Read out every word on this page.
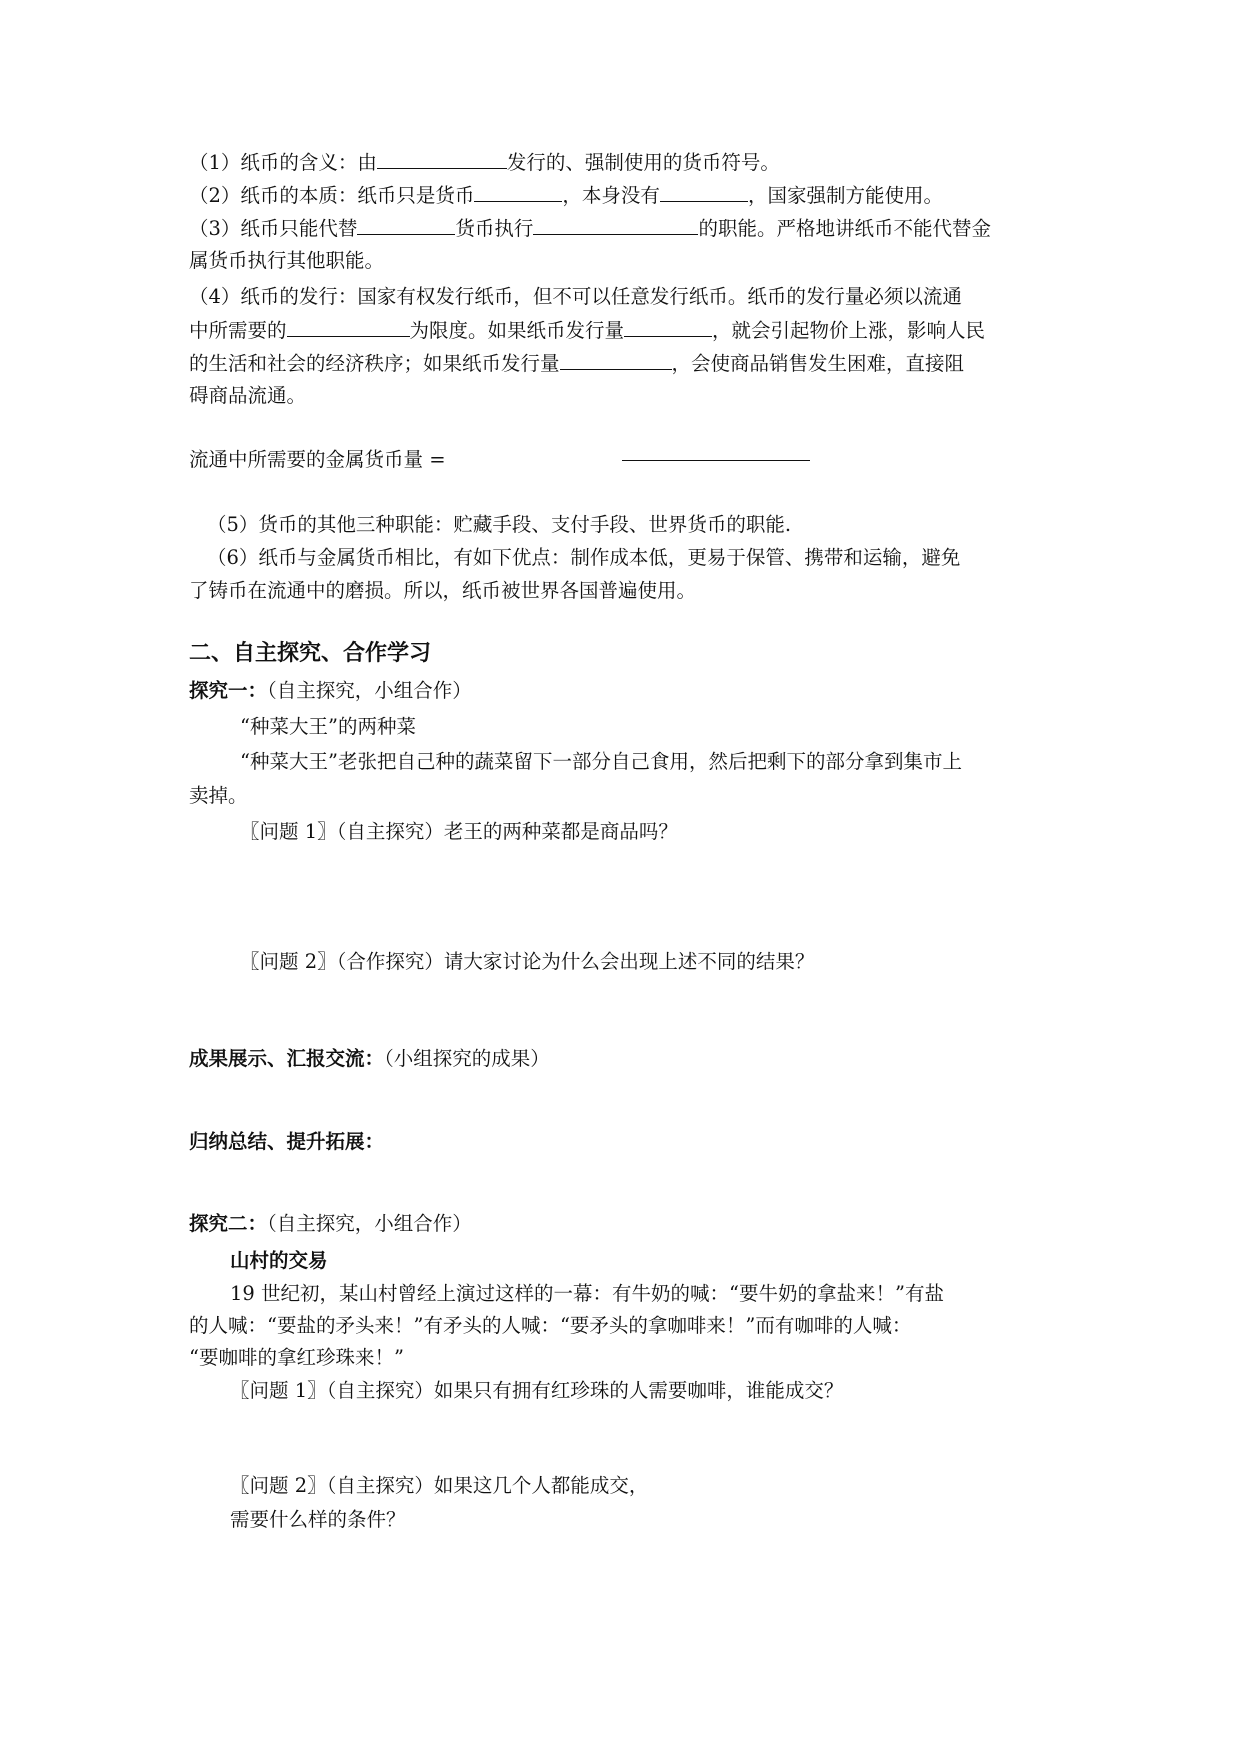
（1）纸币的含义：由	发行的、强制使用的货币符号。
（2）纸币的本质：纸币只是货币	，本身没有	，国家强制方能使用。
（3）纸币只能代替	货币执行	的职能。严格地讲纸币不能代替金
属货币执行其他职能。
（4）纸币的发行：国家有权发行纸币，但不可以任意发行纸币。纸币的发行量必须以流通
中所需要的	为限度。如果纸币发行量	，就会引起物价上涨，影响人民
的生活和社会的经济秩序；如果纸币发行量	，会使商品销售发生困难，直接阻
碍商品流通。
流通中所需要的金属货币量 =
（5）货币的其他三种职能：贮藏手段、支付手段、世界货币的职能.
（6）纸币与金属货币相比，有如下优点：制作成本低，更易于保管、携带和运输，避免
了铸币在流通中的磨损。所以，纸币被世界各国普遍使用。
二、自主探究、合作学习
探究一：（自主探究，小组合作）
“种菜大王”的两种菜
“种菜大王”老张把自己种的蔬菜留下一部分自己食用，然后把剩下的部分拿到集市上
卖掉。
〖问题 1〗（自主探究）老王的两种菜都是商品吗？
〖问题 2〗（合作探究）请大家讨论为什么会出现上述不同的结果？
成果展示、汇报交流：（小组探究的成果）
归纳总结、提升拓展：
探究二：（自主探究，小组合作）
山村的交易
19 世纪初，某山村曾经上演过这样的一幕：有牛奶的喊：“要牛奶的拿盐来！”有盐
的人喊：“要盐的矛头来！”有矛头的人喊：“要矛头的拿咖啡来！”而有咖啡的人喊：
“要咖啡的拿红珍珠来！”
〖问题 1〗（自主探究）如果只有拥有红珍珠的人需要咖啡，谁能成交？
〖问题 2〗（自主探究）如果这几个人都能成交，
需要什么样的条件？
